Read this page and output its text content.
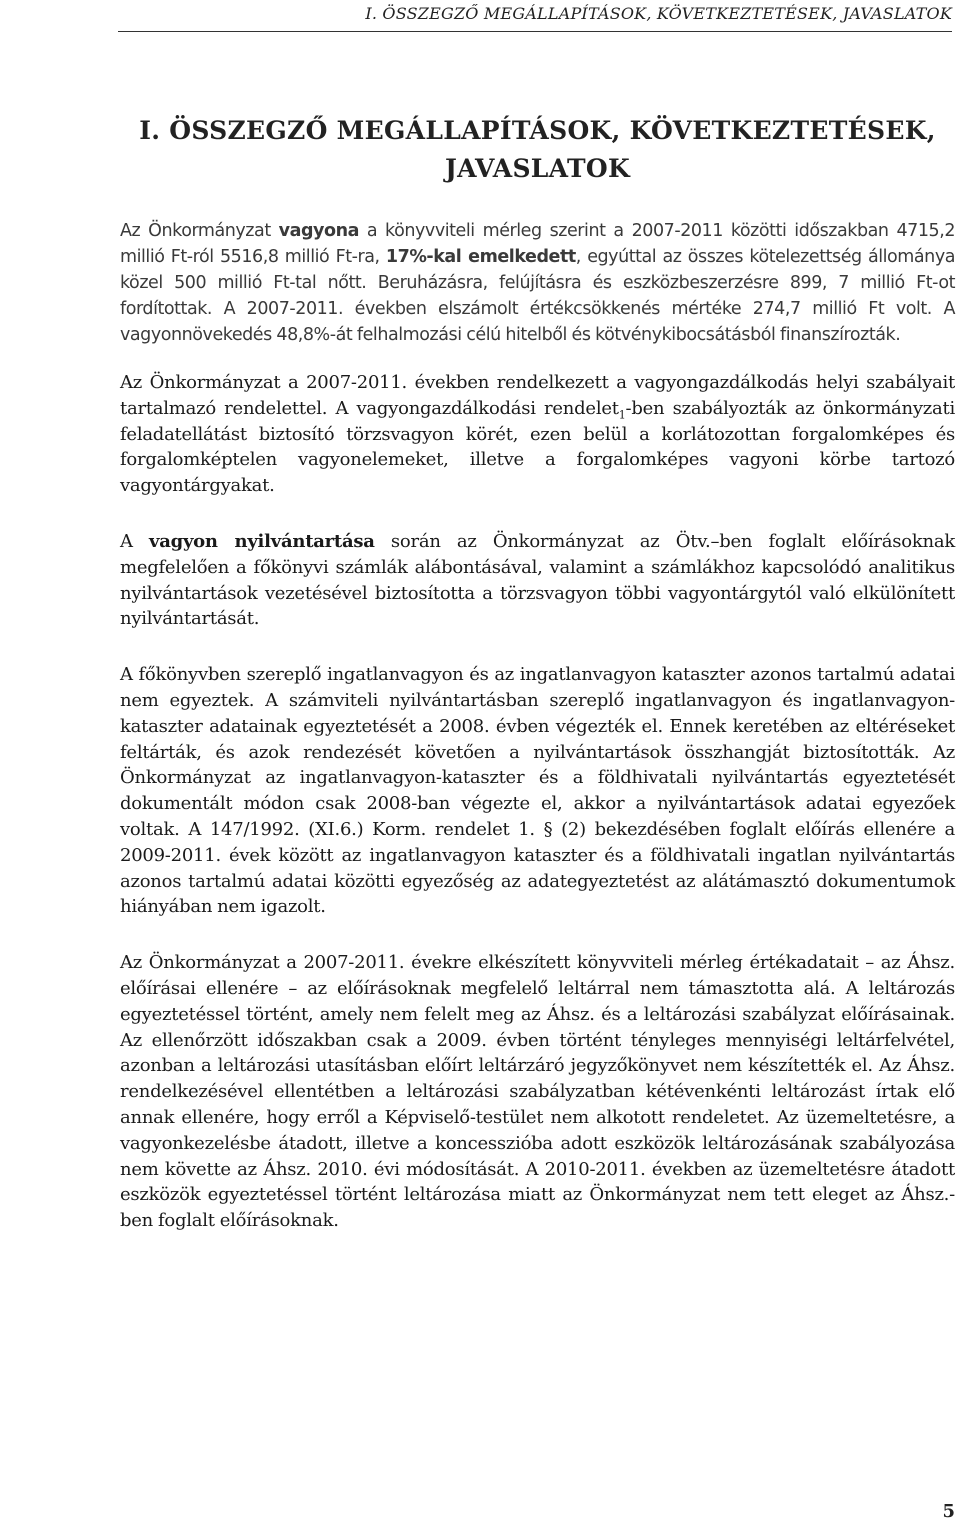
I. ÖSSZEGZŐ MEGÁLLAPÍTÁSOK, KÖVETKEZTETÉSEK, JAVASLATOK
I. ÖSSZEGZŐ MEGÁLLAPÍTÁSOK, KÖVETKEZTETÉSEK,
JAVASLATOK

Az Önkormányzat vagyona a könyvviteli mérleg szerint a 2007-2011 közötti időszakban 4715,2 millió Ft-ról 5516,8 millió Ft-ra, 17%-kal emelkedett, egyúttal az összes kötelezettség állománya közel 500 millió Ft-tal nőtt. Beruházásra, felújításra és eszközbeszerzésre 899, 7 millió Ft-ot fordítottak. A 2007-2011. években elszámolt értékcsökkenés mértéke 274,7 millió Ft volt. A vagyonnövekedés 48,8%-át felhalmozási célú hitelből és kötvénykibocsátásból finanszírozták.

Az Önkormányzat a 2007-2011. években rendelkezett a vagyongazdálkodás helyi szabályait tartalmazó rendelettel. A vagyongazdálkodási rendelet$_1$-ben szabályozták az önkormányzati feladatellátást biztosító törzsvagyon körét, ezen belül a korlátozottan forgalomképes és forgalomképtelen vagyonelemeket, illetve a forgalomképes vagyoni körbe tartozó vagyontárgyakat.

A vagyon nyilvántartása során az Önkormányzat az Ötv.–ben foglalt előírásoknak megfelelően a főkönyvi számlák alábontásával, valamint a számlákhoz kapcsolódó analitikus nyilvántartások vezetésével biztosította a törzsvagyon többi vagyontárgytól való elkülönített nyilvántartását.

A főkönyvben szereplő ingatlanvagyon és az ingatlanvagyon kataszter azonos tartalmú adatai nem egyeztek. A számviteli nyilvántartásban szereplő ingatlanvagyon és ingatlanvagyon-kataszter adatainak egyeztetését a 2008. évben végezték el. Ennek keretében az eltéréseket feltárták, és azok rendezését követően a nyilvántartások összhangját biztosították. Az Önkormányzat az ingatlanvagyon-kataszter és a földhivatali nyilvántartás egyeztetését dokumentált módon csak 2008-ban végezte el, akkor a nyilvántartások adatai egyezőek voltak. A 147/1992. (XI.6.) Korm. rendelet 1. § (2) bekezdésében foglalt előírás ellenére a 2009-2011. évek között az ingatlanvagyon kataszter és a földhivatali ingatlan nyilvántartás azonos tartalmú adatai közötti egyezőség az adategyeztetést az alátámasztó dokumentumok hiányában nem igazolt.

Az Önkormányzat a 2007-2011. évekre elkészített könyvviteli mérleg értékadatait – az Áhsz. előírásai ellenére – az előírásoknak megfelelő leltárral nem támasztotta alá. A leltározás egyeztetéssel történt, amely nem felelt meg az Áhsz. és a leltározási szabályzat előírásainak. Az ellenőrzött időszakban csak a 2009. évben történt tényleges mennyiségi leltárfelvétel, azonban a leltározási utasításban előírt leltárzáró jegyzőkönyvet nem készítették el. Az Áhsz. rendelkezésével ellentétben a leltározási szabályzatban kétévenkénti leltározást írtak elő annak ellenére, hogy erről a Képviselő-testület nem alkotott rendeletet. Az üzemeltetésre, a vagyonkezelésbe átadott, illetve a koncesszióba adott eszközök leltározásának szabályozása nem követte az Áhsz. 2010. évi módosítását. A 2010-2011. években az üzemeltetésre átadott eszközök egyeztetéssel történt leltározása miatt az Önkormányzat nem tett eleget az Áhsz.-ben foglalt előírásoknak.

5
